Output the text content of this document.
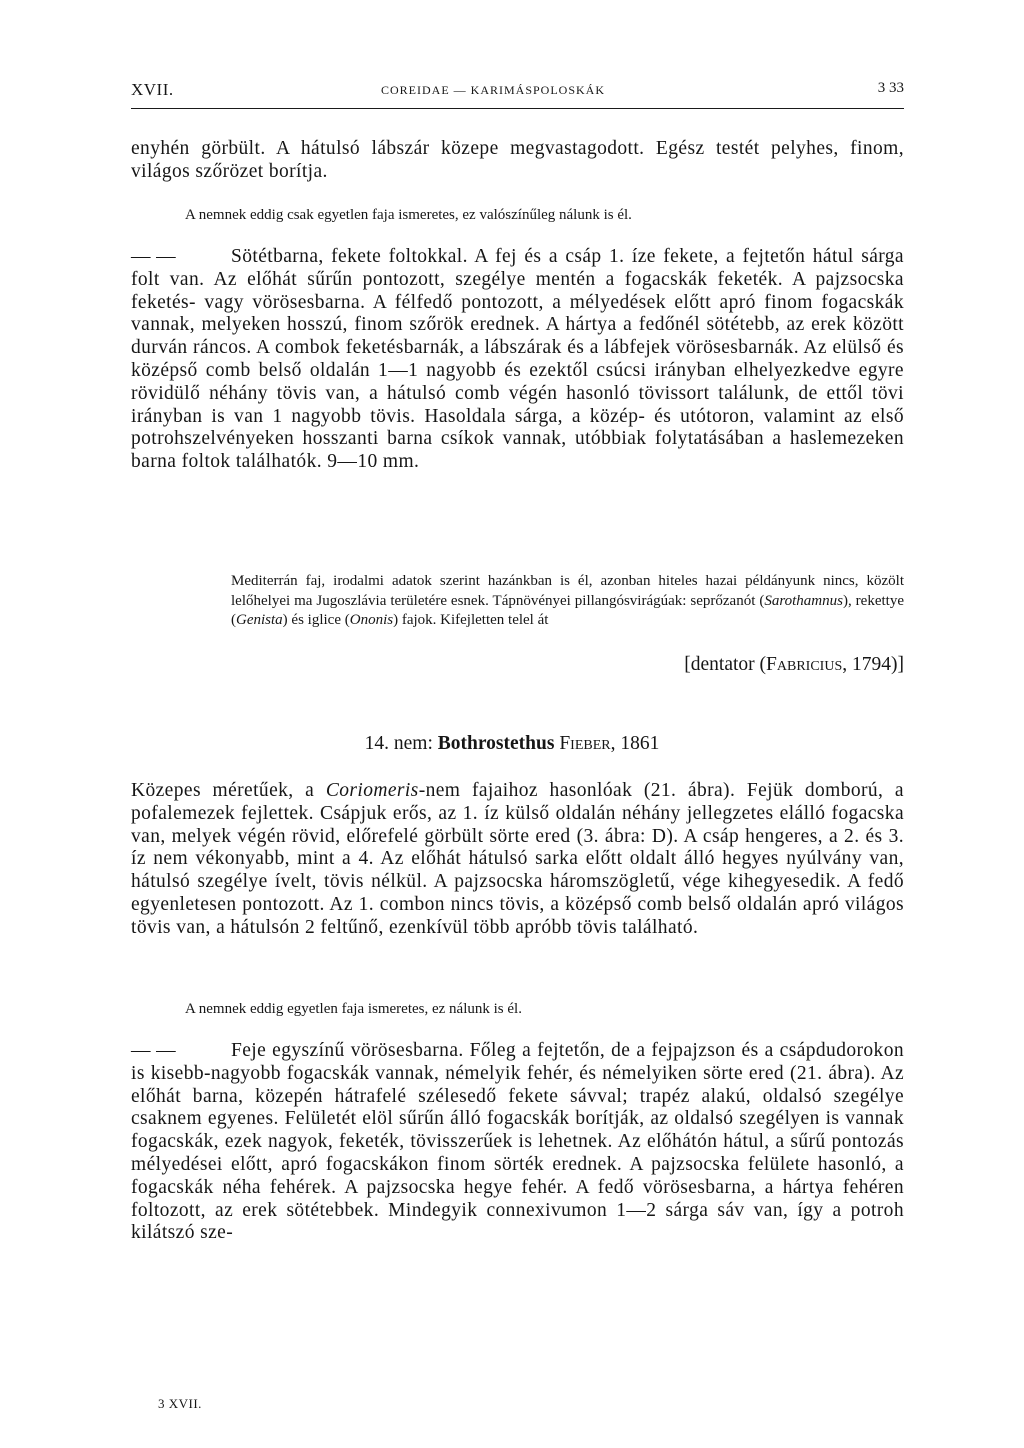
XVII.	COREIDAE — KARIMÁSPOLOSKÁK	3 33

enyhén görbült. A hátulsó lábszár közepe megvastagodott. Egész testét pelyhes, finom, világos szőrözet borítja.

A nemnek eddig csak egyetlen faja ismeretes, ez valószínűleg nálunk is él.

— —	Sötétbarna, fekete foltokkal. A fej és a csáp 1. íze fekete, a fejtetőn hátul sárga folt van. Az előhát sűrűn pontozott, szegélye mentén a fogacskák feketék. A pajzsocska feketés- vagy vörösesbarna. A félfedő pontozott, a mélyedések előtt apró finom fogacskák vannak, melyeken hosszú, finom szőrök erednek. A hártya a fedőnél sötétebb, az erek között durván ráncos. A combok feketésbarnák, a lábszárak és a lábfejek vörösesbarnák. Az elülső és középső comb belső oldalán 1—1 nagyobb és ezektől csúcsi irányban elhelyezkedve egyre rövidülő néhány tövis van, a hátulsó comb végén hasonló tövissort találunk, de ettől tövi irányban is van 1 nagyobb tövis. Hasoldala sárga, a közép- és utótoron, valamint az első potrohszelvényeken hosszanti barna csíkok vannak, utóbbiak folytatásában a haslemezeken barna foltok találhatók. 9—10 mm.

Mediterrán faj, irodalmi adatok szerint hazánkban is él, azonban hiteles hazai példányunk nincs, közölt lelőhelyei ma Jugoszlávia területére esnek. Tápnövényei pillangósvirágúak: seprőzanót (Sarothamnus), rekettye (Genista) és iglice (Ononis) fajok. Kifejletten telel át

[dentator (Fabricius, 1794)]
14. nem: Bothrostethus Fieber, 1861

Közepes méretűek, a Coriomeris-nem fajaihoz hasonlóak (21. ábra). Fejük domború, a pofalemezek fejlettek. Csápjuk erős, az 1. íz külső oldalán néhány jellegzetes elálló fogacska van, melyek végén rövid, előrefelé görbült sörte ered (3. ábra: D). A csáp hengeres, a 2. és 3. íz nem vékonyabb, mint a 4. Az előhát hátulsó sarka előtt oldalt álló hegyes nyúlvány van, hátulsó szegélye ívelt, tövis nélkül. A pajzsocska háromszögletű, vége kihegyesedik. A fedő egyenletesen pontozott. Az 1. combon nincs tövis, a középső comb belső oldalán apró világos tövis van, a hátulsón 2 feltűnő, ezenkívül több apróbb tövis található.

A nemnek eddig egyetlen faja ismeretes, ez nálunk is él.

— —	Feje egyszínű vörösesbarna. Főleg a fejtetőn, de a fejpajzson és a csápdudorokon is kisebb-nagyobb fogacskák vannak, némelyik fehér, és némelyiken sörte ered (21. ábra). Az előhát barna, közepén hátrafelé szélesedő fekete sávval; trapéz alakú, oldalsó szegélye csaknem egyenes. Felületét elöl sűrűn álló fogacskák borítják, az oldalsó szegélyen is vannak fogacskák, ezek nagyok, feketék, tövisszerűek is lehetnek. Az előhátón hátul, a sűrű pontozás mélyedései előtt, apró fogacskákon finom sörték erednek. A pajzsocska felülete hasonló, a fogacskák néha fehérek. A pajzsocska hegye fehér. A fedő vörösesbarna, a hártya fehéren foltozott, az erek sötétebbek. Mindegyik connexivumon 1—2 sárga sáv van, így a potroh kilátszó sze-

3 XVII.
